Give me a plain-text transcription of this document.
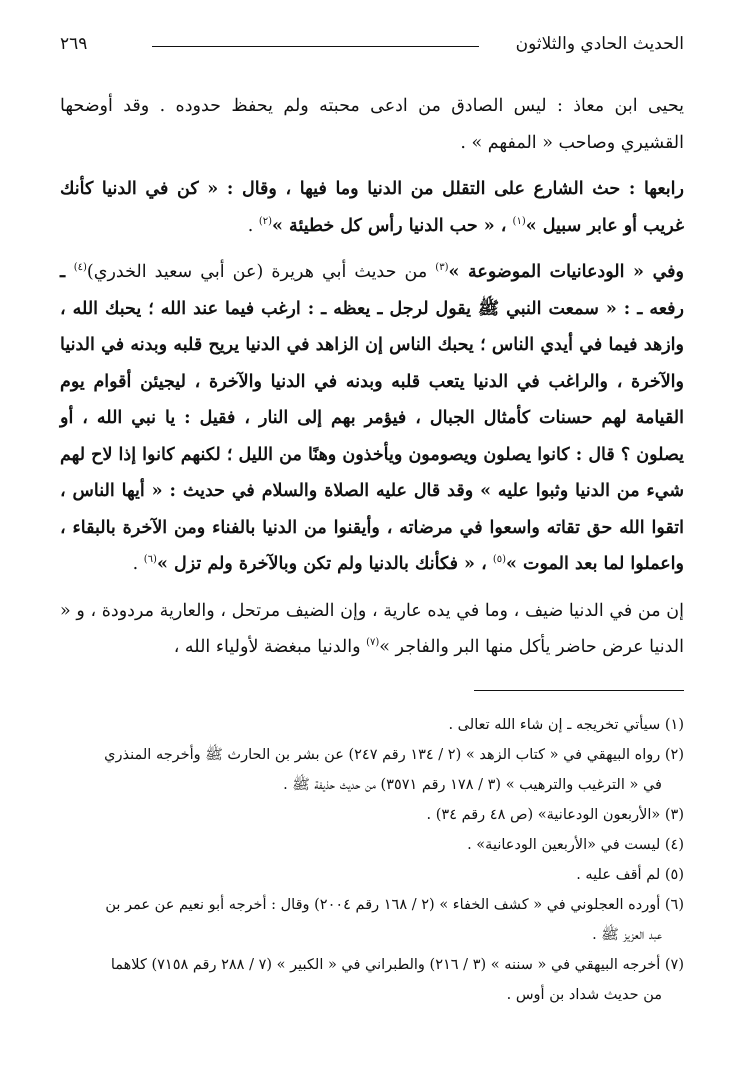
الحديث الحادي والثلاثون
٢٦٩

يحيى ابن معاذ : ليس الصادق من ادعى محبته ولم يحفظ حدوده . وقد أوضحها القشيري وصاحب « المفهم » .

رابعها : حث الشارع على التقلل من الدنيا وما فيها ، وقال : « كن في الدنيا كأنك غريب أو عابر سبيل »$^{(١)}$ ، « حب الدنيا رأس كل خطيئة »$^{(٢)}$ .

وفي « الودعانيات الموضوعة »$^{(٣)}$ من حديث أبي هريرة (عن أبي سعيد الخدري)$^{(٤)}$ ـ رفعه ـ : « سمعت النبي ﷺ يقول لرجل ـ يعظه ـ : ارغب فيما عند الله ؛ يحبك الله ، وازهد فيما في أيدي الناس ؛ يحبك الناس إن الزاهد في الدنيا يريح قلبه وبدنه في الدنيا والآخرة ، والراغب في الدنيا يتعب قلبه وبدنه في الدنيا والآخرة ، ليجيئن أقوام يوم القيامة لهم حسنات كأمثال الجبال ، فيؤمر بهم إلى النار ، فقيل : يا نبي الله ، أو يصلون ؟ قال : كانوا يصلون ويصومون ويأخذون وهنًا من الليل ؛ لكنهم كانوا إذا لاح لهم شيء من الدنيا وثبوا عليه » وقد قال عليه الصلاة والسلام في حديث : « أيها الناس ، اتقوا الله حق تقاته واسعوا في مرضاته ، وأيقنوا من الدنيا بالفناء ومن الآخرة بالبقاء ، واعملوا لما بعد الموت »$^{(٥)}$ ، « فكأنك بالدنيا ولم تكن وبالآخرة ولم تزل »$^{(٦)}$ .

إن من في الدنيا ضيف ، وما في يده عارية ، وإن الضيف مرتحل ، والعارية مردودة ، و « الدنيا عرض حاضر يأكل منها البر والفاجر »$^{(٧)}$ والدنيا مبغضة لأولياء الله ،

(١) سيأتي تخريجه ـ إن شاء الله تعالى .

(٢) رواه البيهقي في « كتاب الزهد » (٢ / ١٣٤ رقم ٢٤٧) عن بشر بن الحارث ﷺ وأخرجه المنذري
في « الترغيب والترهيب » (٣ / ١٧٨ رقم ٣٥٧١) من حديث حذيفة ﷺ .

(٣) «الأربعون الودعانية» (ص ٤٨ رقم ٣٤) .

(٤) ليست في «الأربعين الودعانية» .

(٥) لم أقف عليه .

(٦) أورده العجلوني في « كشف الخفاء » (٢ / ١٦٨ رقم ٢٠٠٤) وقال : أخرجه أبو نعيم عن عمر بن
عبد العزيز ﷺ .

(٧) أخرجه البيهقي في « سننه » (٣ / ٢١٦) والطبراني في « الكبير » (٧ / ٢٨٨ رقم ٧١٥٨) كلاهما
من حديث شداد بن أوس .
